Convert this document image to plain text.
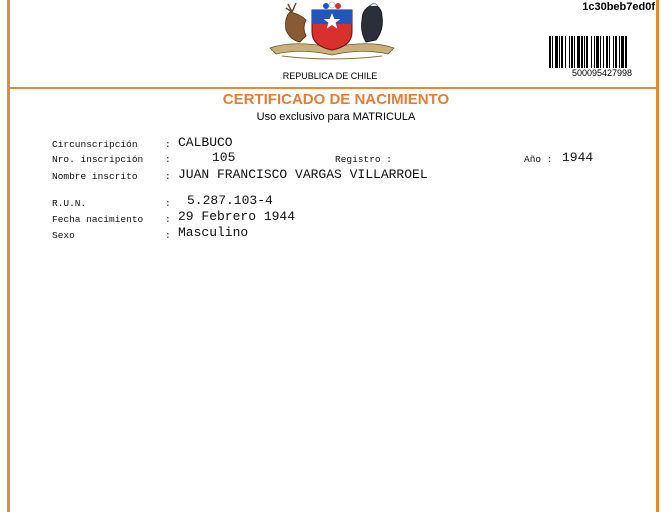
REPUBLICA DE CHILE
1c30beb7ed0f
500095427998
CERTIFICADO DE NACIMIENTO
Uso exclusivo para MATRICULA
Circunscripción	: CALBUCO
Nro. inscripción :	105	Registro :	Año : 1944
Nombre inscrito	: JUAN FRANCISCO VARGAS VILLARROEL
R.U.N.	: 5.287.103-4
Fecha nacimiento : 29 Febrero 1944
Sexo	: Masculino
